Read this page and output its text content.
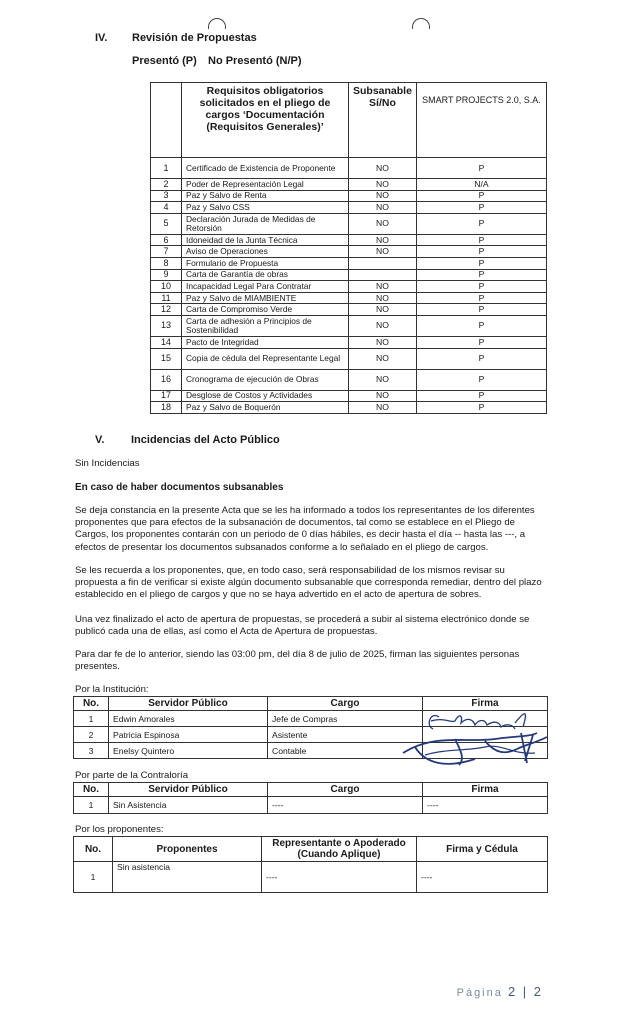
IV. Revisión de Propuestas
Presentó (P) No Presentó (N/P)
	Requisitos obligatorios solicitados en el pliego de cargos ‘Documentación (Requisitos Generales)’	Subsanable Sí/No	SMART PROJECTS 2.0, S.A.
1	Certificado de Existencia de Proponente	NO	P
2	Poder de Representación Legal	NO	N/A
3	Paz y Salvo de Renta	NO	P
4	Paz y Salvo CSS	NO	P
5	Declaración Jurada de Medidas de Retorsión	NO	P
6	Idoneidad de la Junta Técnica	NO	P
7	Aviso de Operaciones	NO	P
8	Formulario de Propuesta		P
9	Carta de Garantía de obras		P
10	Incapacidad Legal Para Contratar	NO	P
11	Paz y Salvo de MIAMBIENTE	NO	P
12	Carta de Compromiso Verde	NO	P
13	Carta de adhesión a Principios de Sostenibilidad	NO	P
14	Pacto de Integridad	NO	P
15	Copia de cédula del Representante Legal	NO	P
16	Cronograma de ejecución de Obras	NO	P
17	Desglose de Costos y Actividades	NO	P
18	Paz y Salvo de Boquerón	NO	P
V. Incidencias del Acto Público
Sin Incidencias
En caso de haber documentos subsanables
Se deja constancia en la presente Acta que se les ha informado a todos los representantes de los diferentes proponentes que para efectos de la subsanación de documentos, tal como se establece en el Pliego de Cargos, los proponentes contarán con un periodo de 0 días hábiles, es decir hasta el día -- hasta las ---, a efectos de presentar los documentos subsanados conforme a lo señalado en el pliego de cargos.
Se les recuerda a los proponentes, que, en todo caso, será responsabilidad de los mismos revisar su propuesta a fin de verificar si existe algún documento subsanable que corresponda remediar, dentro del plazo establecido en el pliego de cargos y que no se haya advertido en el acto de apertura de sobres.
Una vez finalizado el acto de apertura de propuestas, se procederá a subir al sistema electrónico donde se publicó cada una de ellas, así como el Acta de Apertura de propuestas.
Para dar fe de lo anterior, siendo las 03:00 pm, del día 8 de julio de 2025, firman las siguientes personas presentes.
Por la Institución:
No.	Servidor Público	Cargo	Firma
1	Edwin Amorales	Jefe de Compras	
2	Patricia Espinosa	Asistente	
3	Enelsy Quintero	Contable	
Por parte de la Contraloría
No.	Servidor Público	Cargo	Firma
1	Sin Asistencia	----	----
Por los proponentes:
No.	Proponentes	Representante o Apoderado (Cuando Aplique)	Firma y Cédula
1	Sin asistencia	----	----
Página 2 | 2
